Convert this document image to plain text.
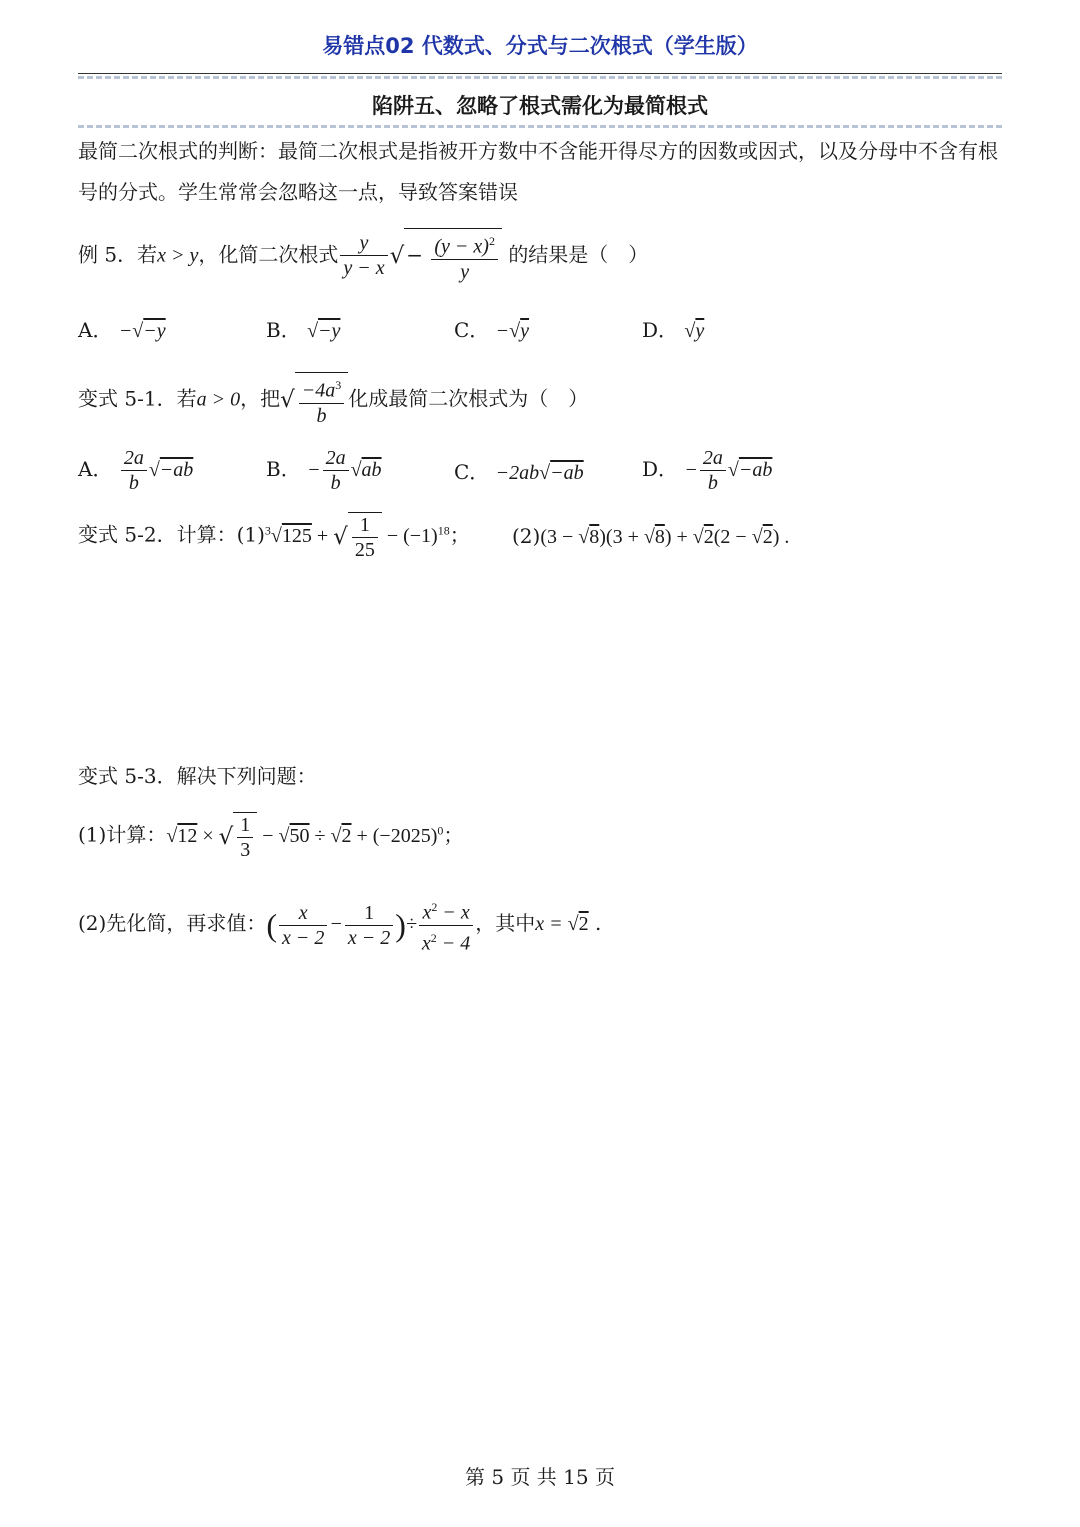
易错点02 代数式、分式与二次根式（学生版）
陷阱五、忽略了根式需化为最简根式
最简二次根式的判断：最简二次根式是指被开方数中不含能开得尽方的因数或因式，以及分母中不含有根号的分式。学生常常会忽略这一点，导致答案错误
例 5．若x > y，化简二次根式 $\frac{y}{y - x}$ √ − $\frac{(y - x)^2}{y}$ 的结果是（　）
A． −√−y	B． √−y	C． −√y	D． √y
变式 5-1．若a > 0，把√ $\frac{-4a^3}{b}$ 化成最简二次根式为（　）
A． $\frac{2a}{b} √-ab$	B． − $\frac{2a}{b} √ab$	C． −2ab√−ab	D． − $\frac{2a}{b} √-ab$
变式 5-2．计算：$(1)^3√125$ + √ $\frac{1}{25} - (-1)^{18}$； (2)(3 − √8)(3 + √8) + √2(2 − √2) .
变式 5-3．解决下列问题：
(1)计算：√12 × √ $\frac{1}{3} - √50 \div √2 + (-2025)^0$；
(2)先化简，再求值：( $\frac{x}{x - 2} - \frac{1}{x - 2}$ )÷ $\frac{x^2 - x}{x^2 - 4}$ ，其中x = √2 .
第 5 页 共 15 页
